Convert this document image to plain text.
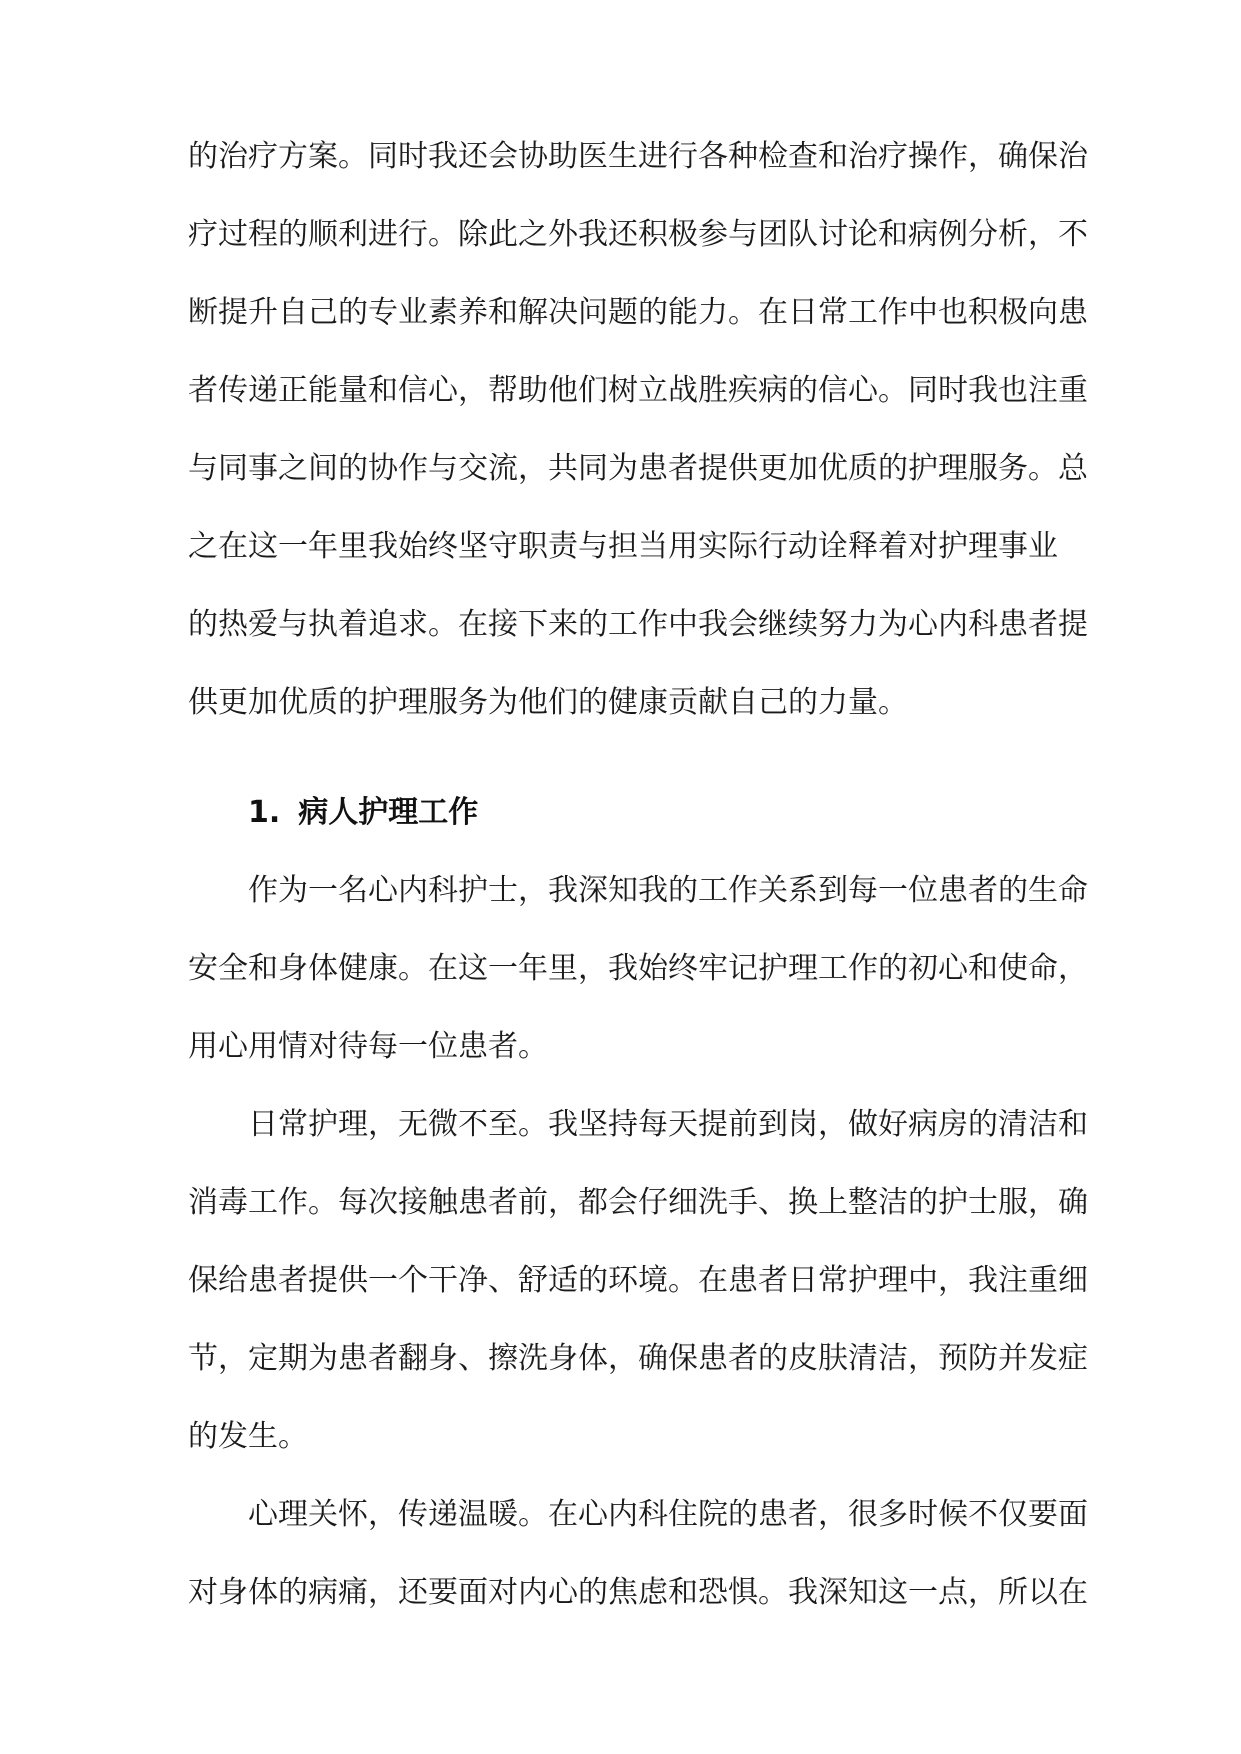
的治疗方案。同时我还会协助医生进行各种检查和治疗操作，确保治
疗过程的顺利进行。除此之外我还积极参与团队讨论和病例分析，不
断提升自己的专业素养和解决问题的能力。在日常工作中也积极向患
者传递正能量和信心，帮助他们树立战胜疾病的信心。同时我也注重
与同事之间的协作与交流，共同为患者提供更加优质的护理服务。总
之在这一年里我始终坚守职责与担当用实际行动诠释着对护理事业
的热爱与执着追求。在接下来的工作中我会继续努力为心内科患者提
供更加优质的护理服务为他们的健康贡献自己的力量。
1. 病人护理工作
作为一名心内科护士，我深知我的工作关系到每一位患者的生命
安全和身体健康。在这一年里，我始终牢记护理工作的初心和使命，
用心用情对待每一位患者。
日常护理，无微不至。我坚持每天提前到岗，做好病房的清洁和
消毒工作。每次接触患者前，都会仔细洗手、换上整洁的护士服，确
保给患者提供一个干净、舒适的环境。在患者日常护理中，我注重细
节，定期为患者翻身、擦洗身体，确保患者的皮肤清洁，预防并发症
的发生。
心理关怀，传递温暖。在心内科住院的患者，很多时候不仅要面
对身体的病痛，还要面对内心的焦虑和恐惧。我深知这一点，所以在
